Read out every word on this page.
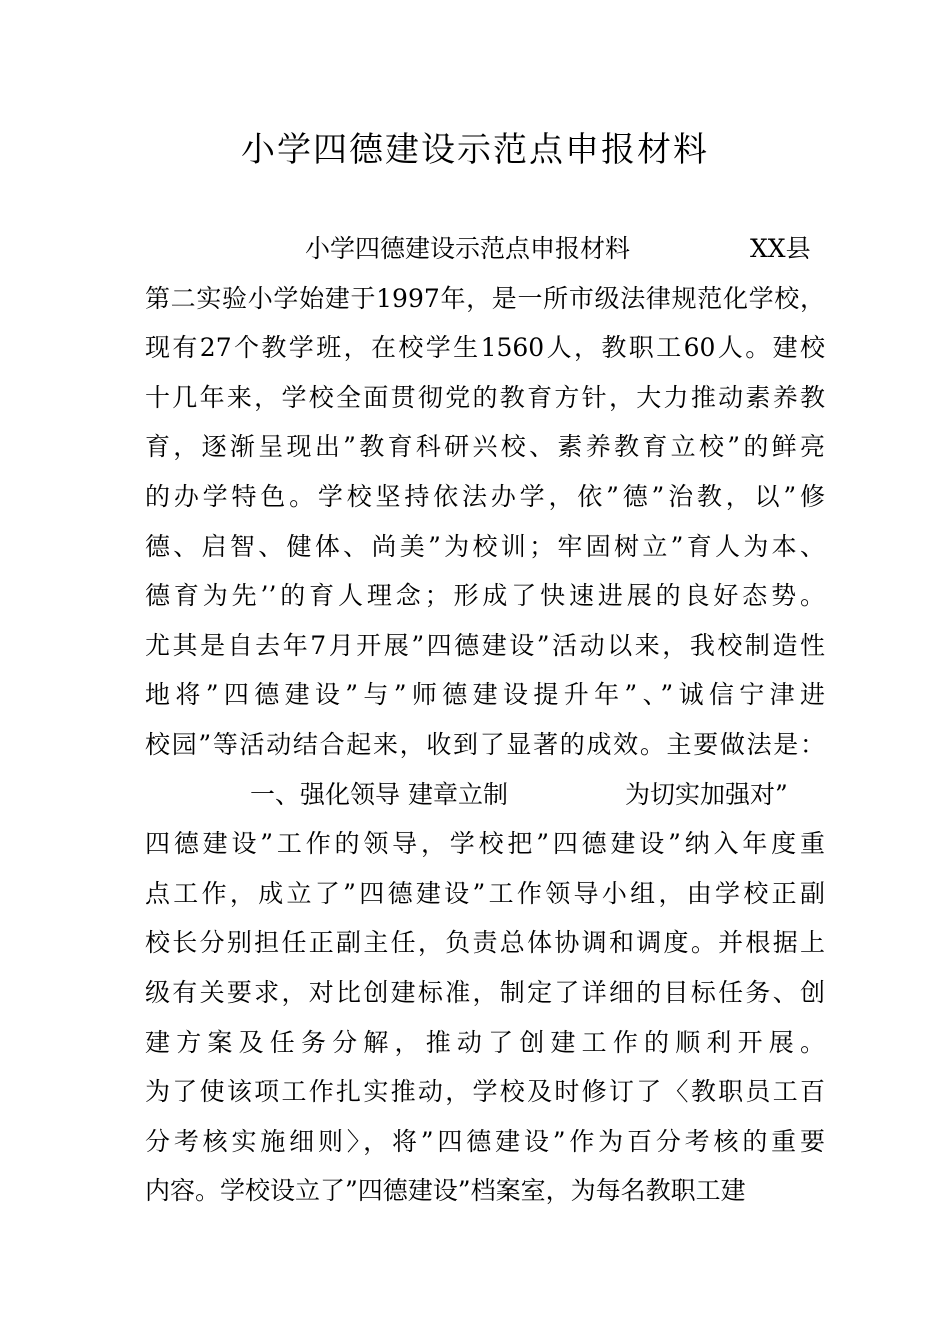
小学四德建设示范点申报材料
小学四德建设示范点申报材料	XX县
第二实验小学始建于1997年，是一所市级法律规范化学校，
现有27个教学班，在校学生1560人，教职工60人。建校
十几年来，学校全面贯彻党的教育方针，大力推动素养教
育，逐渐呈现出”教育科研兴校、素养教育立校”的鲜亮
的办学特色。学校坚持依法办学，依”德”治教，以”修
德、启智、健体、尚美”为校训；牢固树立”育人为本、
德育为先’’的育人理念；形成了快速进展的良好态势。
尤其是自去年7月开展”四德建设”活动以来，我校制造性
地将”四德建设”与”师德建设提升年”、”诚信宁津进
校园”等活动结合起来，收到了显著的成效。主要做法是：
一、强化领导 建章立制	为切实加强对”
四德建设”工作的领导，学校把”四德建设”纳入年度重
点工作，成立了”四德建设”工作领导小组，由学校正副
校长分别担任正副主任，负责总体协调和调度。并根据上
级有关要求，对比创建标准，制定了详细的目标任务、创
建方案及任务分解，推动了创建工作的顺利开展。
为了使该项工作扎实推动，学校及时修订了〈教职员工百
分考核实施细则〉，将”四德建设”作为百分考核的重要
内容。学校设立了”四德建设”档案室，为每名教职工建
